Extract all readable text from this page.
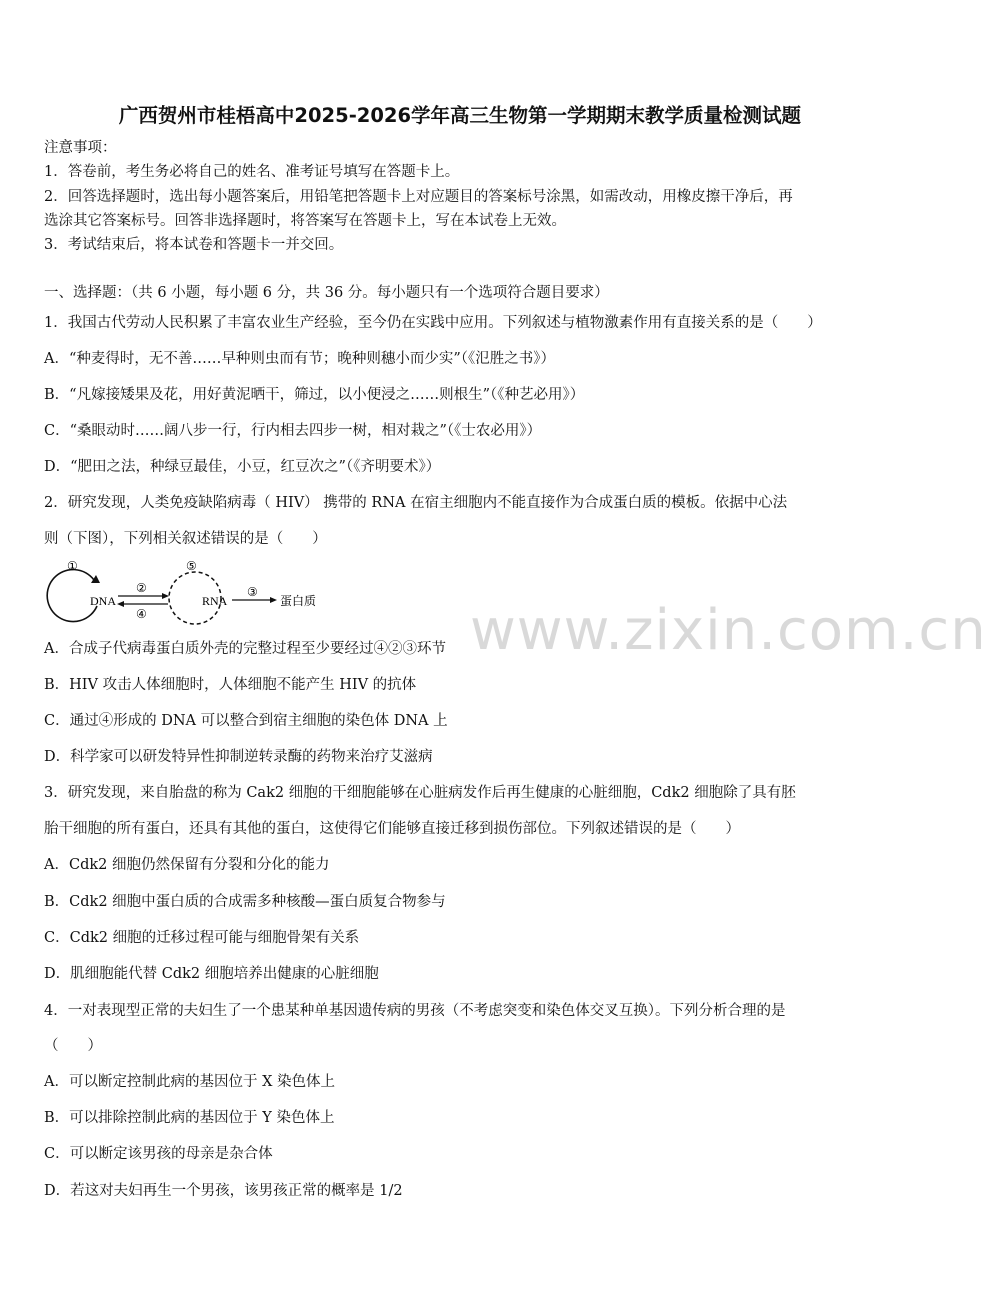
www.zixin.com.cn
广西贺州市桂梧高中2025-2026学年高三生物第一学期期末教学质量检测试题
注意事项：
1．答卷前，考生务必将自己的姓名、准考证号填写在答题卡上。
2．回答选择题时，选出每小题答案后，用铅笔把答题卡上对应题目的答案标号涂黑，如需改动，用橡皮擦干净后，再
选涂其它答案标号。回答非选择题时，将答案写在答题卡上，写在本试卷上无效。
3．考试结束后，将本试卷和答题卡一并交回。
一、选择题：（共 6 小题，每小题 6 分，共 36 分。每小题只有一个选项符合题目要求）
1．我国古代劳动人民积累了丰富农业生产经验，至今仍在实践中应用。下列叙述与植物激素作用有直接关系的是（　　）
A．“种麦得时，无不善……早种则虫而有节；晚种则穗小而少实”（《氾胜之书》）
B．“凡嫁接矮果及花，用好黄泥晒干，筛过，以小便浸之……则根生”（《种艺必用》）
C．“桑眼动时……阔八步一行，行内相去四步一树，相对栽之”（《士农必用》）
D．“肥田之法，种绿豆最佳，小豆，红豆次之”（《齐明要术》）
2．研究发现，人类免疫缺陷病毒（ HIV） 携带的 RNA 在宿主细胞内不能直接作为合成蛋白质的模板。依据中心法
则（下图），下列相关叙述错误的是（　　）
①
DNA
②
④
⑤
RNA
③
蛋白质
A．合成子代病毒蛋白质外壳的完整过程至少要经过④②③环节
B．HIV 攻击人体细胞时，人体细胞不能产生 HIV 的抗体
C．通过④形成的 DNA 可以整合到宿主细胞的染色体 DNA 上
D．科学家可以研发特异性抑制逆转录酶的药物来治疗艾滋病
3．研究发现，来自胎盘的称为 Cak2 细胞的干细胞能够在心脏病发作后再生健康的心脏细胞，Cdk2 细胞除了具有胚
胎干细胞的所有蛋白，还具有其他的蛋白，这使得它们能够直接迁移到损伤部位。下列叙述错误的是（　　）
A．Cdk2 细胞仍然保留有分裂和分化的能力
B．Cdk2 细胞中蛋白质的合成需多种核酸—蛋白质复合物参与
C．Cdk2 细胞的迁移过程可能与细胞骨架有关系
D．肌细胞能代替 Cdk2 细胞培养出健康的心脏细胞
4．一对表现型正常的夫妇生了一个患某种单基因遗传病的男孩（不考虑突变和染色体交叉互换）。下列分析合理的是
（　　）
A．可以断定控制此病的基因位于 X 染色体上
B．可以排除控制此病的基因位于 Y 染色体上
C．可以断定该男孩的母亲是杂合体
D．若这对夫妇再生一个男孩，该男孩正常的概率是 1/2
